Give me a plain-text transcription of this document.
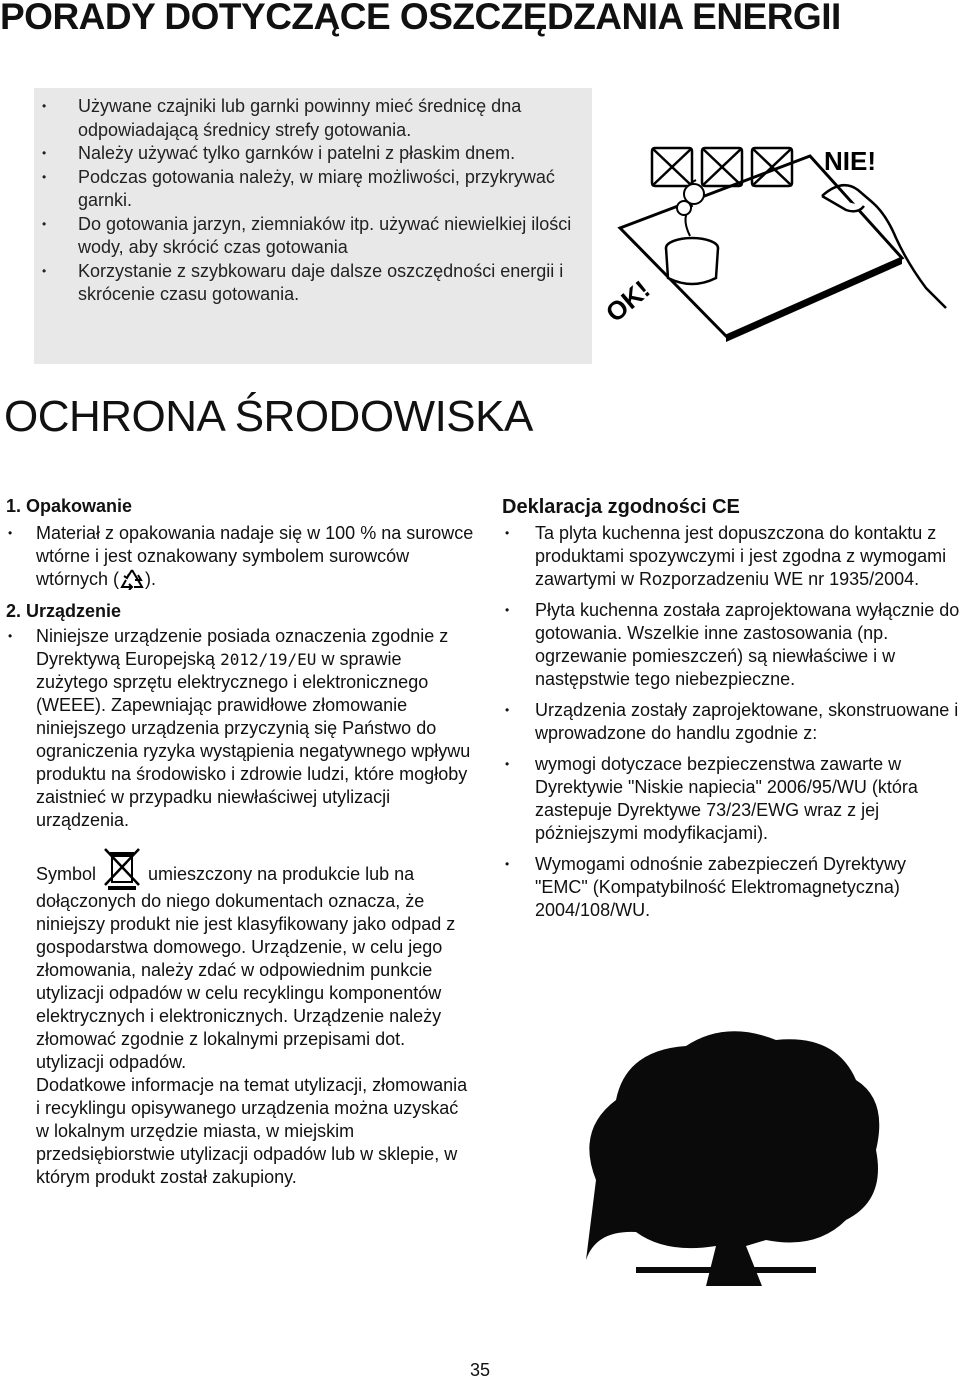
PORADY DOTYCZĄCE OSZCZĘDZANIA ENERGII
• Używane czajniki lub garnki powinny mieć średnicę dna odpowiadającą średnicy strefy gotowania.
• Należy używać tylko garnków i patelni z płaskim dnem.
• Podczas gotowania należy, w miarę możliwości, przykrywać garnki.
• Do gotowania jarzyn, ziemniaków itp. używać niewielkiej ilości wody, aby skrócić czas gotowania
• Korzystanie z szybkowaru daje dalsze oszczędności energii i skrócenie czasu gotowania.
NIE!
OK!
OCHRONA ŚRODOWISKA

1. Opakowanie

• Materiał z opakowania nadaje się w 100 % na surowce wtórne i jest oznakowany symbolem surowców wtórnych ( ).

2. Urządzenie

• Niniejsze urządzenie posiada oznaczenia zgodnie z Dyrektywą Europejską 2012/19/EU w sprawie zużytego sprzętu elektrycznego i elektronicznego (WEEE). Zapewniając prawidłowe złomowanie niniejszego urządzenia przyczynią się Państwo do ograniczenia ryzyka wystąpienia negatywnego wpływu produktu na środowisko i zdrowie ludzi, które mogłoby zaistnieć w przypadku niewłaściwej utylizacji urządzenia.

Symbol	umieszczony na produkcie lub na dołączonych do niego dokumentach oznacza, że niniejszy produkt nie jest klasyfikowany jako odpad z gospodarstwa domowego. Urządzenie, w celu jego złomowania, należy zdać w odpowiednim punkcie utylizacji odpadów w celu recyklingu komponentów elektrycznych i elektronicznych. Urządzenie należy złomować zgodnie z lokalnymi przepisami dot. utylizacji odpadów.

Dodatkowe informacje na temat utylizacji, złomowania i recyklingu opisywanego urządzenia można uzyskać w lokalnym urzędzie miasta, w miejskim przedsiębiorstwie utylizacji odpadów lub w sklepie, w którym produkt został zakupiony.

Deklaracja zgodności CE

• Ta plyta kuchenna jest dopuszczona do kontaktu z produktami spozywczymi i jest zgodna z wymogami zawartymi w Rozporzadzeniu WE nr 1935/2004.
• Płyta kuchenna została zaprojektowana wyłącznie do gotowania. Wszelkie inne zastosowania (np. ogrzewanie pomieszczeń) są niewłaściwe i w następstwie tego niebezpieczne.
• Urządzenia zostały zaprojektowane, skonstruowane i wprowadzone do handlu zgodnie z:
• wymogi dotyczace bezpieczenstwa zawarte w Dyrektywie "Niskie napiecia" 2006/95/WU (która zastepuje Dyrektywe 73/23/EWG wraz z jej póżniejszymi modyfikacjami).
• Wymogami odnośnie zabezpieczeń Dyrektywy "EMC" (Kompatybilność Elektromagnetyczna) 2004/108/WU.
35
